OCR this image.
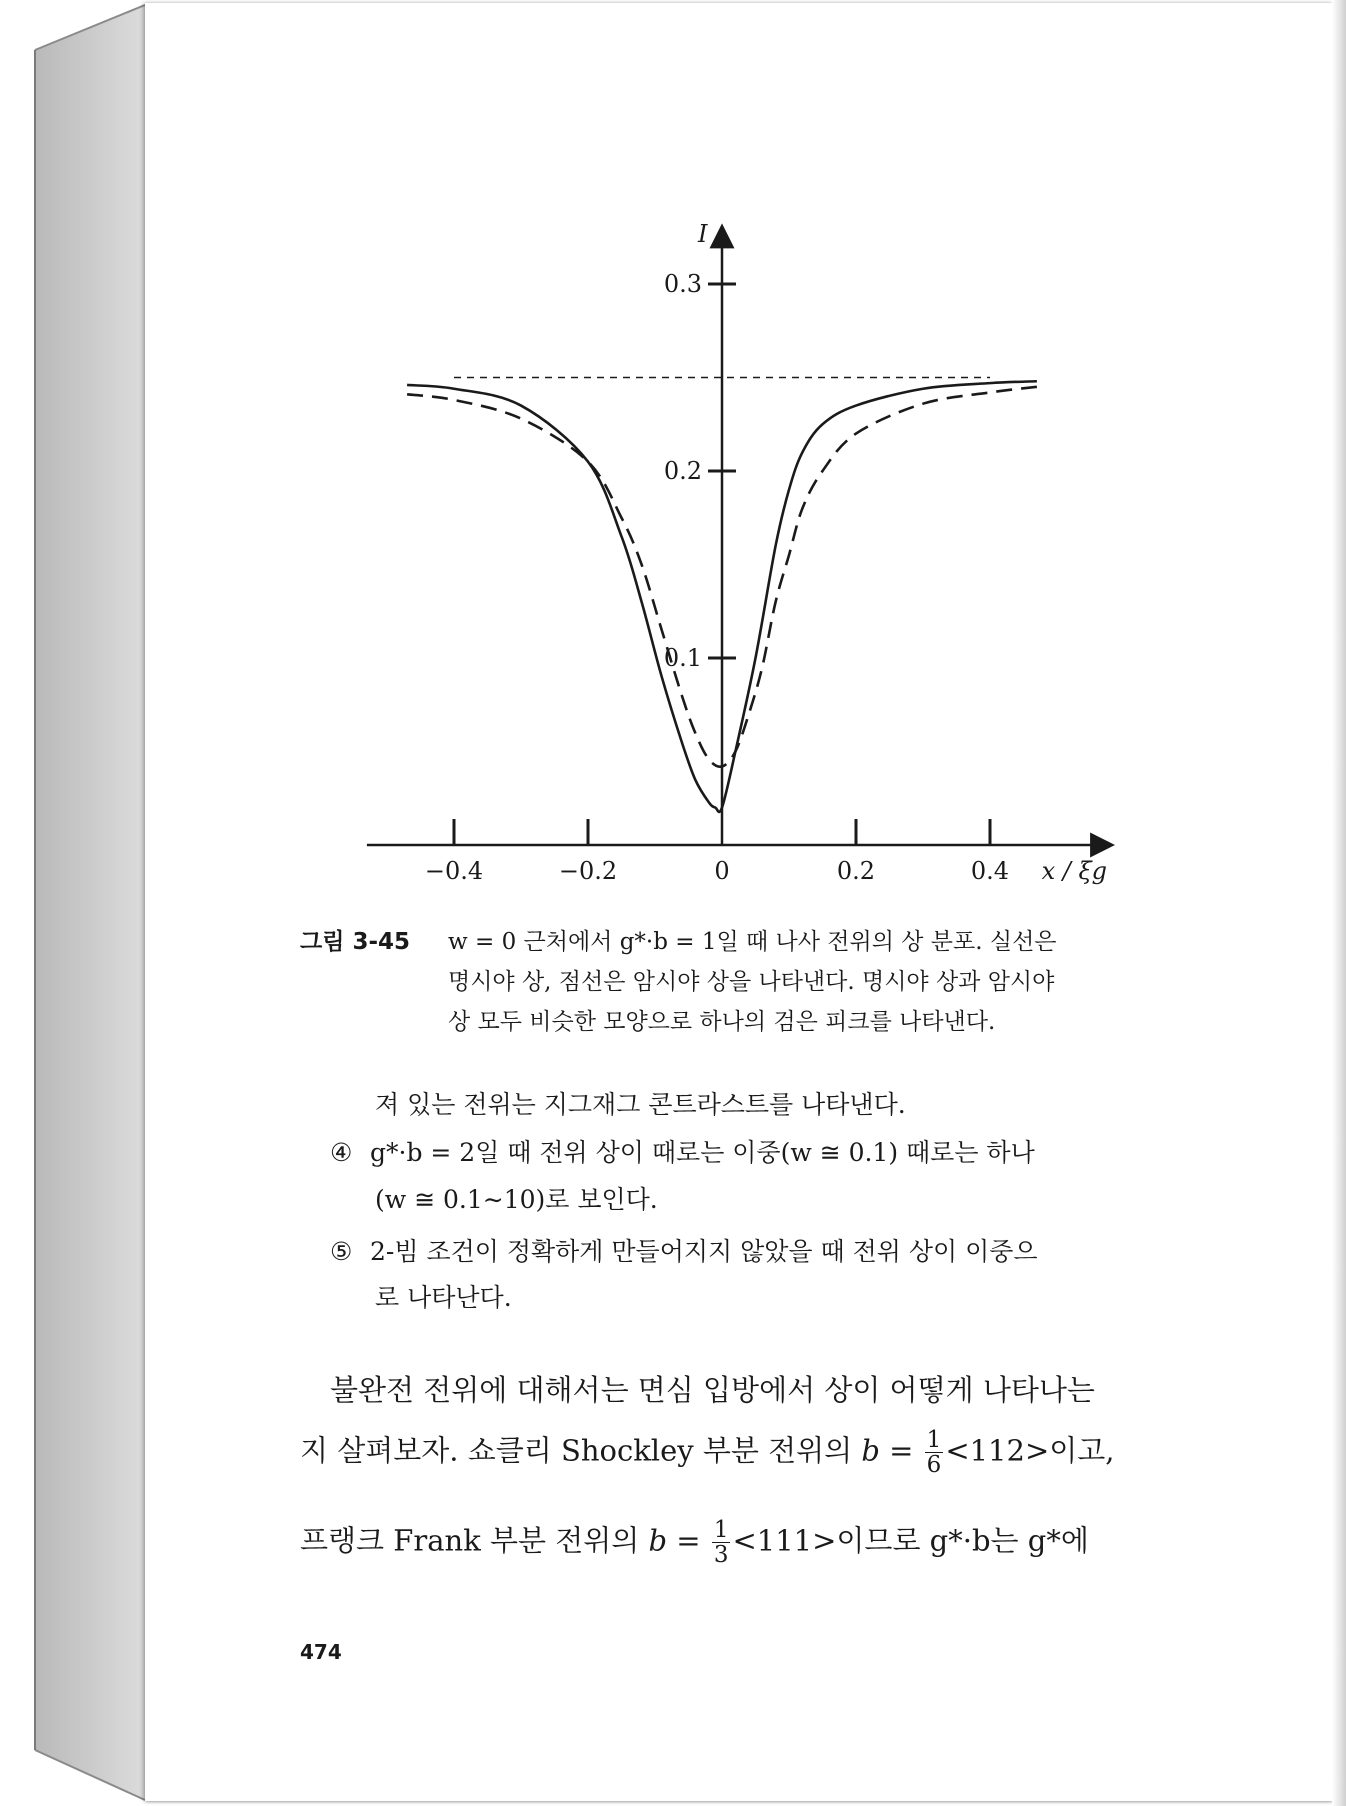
I
x / ξg
−0.4	−0.2	0	0.2	0.4
0.1
0.2
0.3
그림 3-45 w = 0 근처에서 g*·b = 1일 때 나사 전위의 상 분포. 실선은
명시야 상, 점선은 암시야 상을 나타낸다. 명시야 상과 암시야
상 모두 비슷한 모양으로 하나의 검은 피크를 나타낸다.
져 있는 전위는 지그재그 콘트라스트를 나타낸다.
④ g*·b = 2일 때 전위 상이 때로는 이중(w ≅ 0.1) 때로는 하나
(w ≅ 0.1∼10)로 보인다.
⑤ 2-빔 조건이 정확하게 만들어지지 않았을 때 전위 상이 이중으
로 나타난다.
불완전 전위에 대해서는 면심 입방에서 상이 어떻게 나타나는
지 살펴보자. 쇼클리 Shockley 부분 전위의 $b = \frac{1}{6} <112>$이고,
프랭크 Frank 부분 전위의 $b = \frac{1}{3} <111>$이므로 g*·b는 g*에
474
